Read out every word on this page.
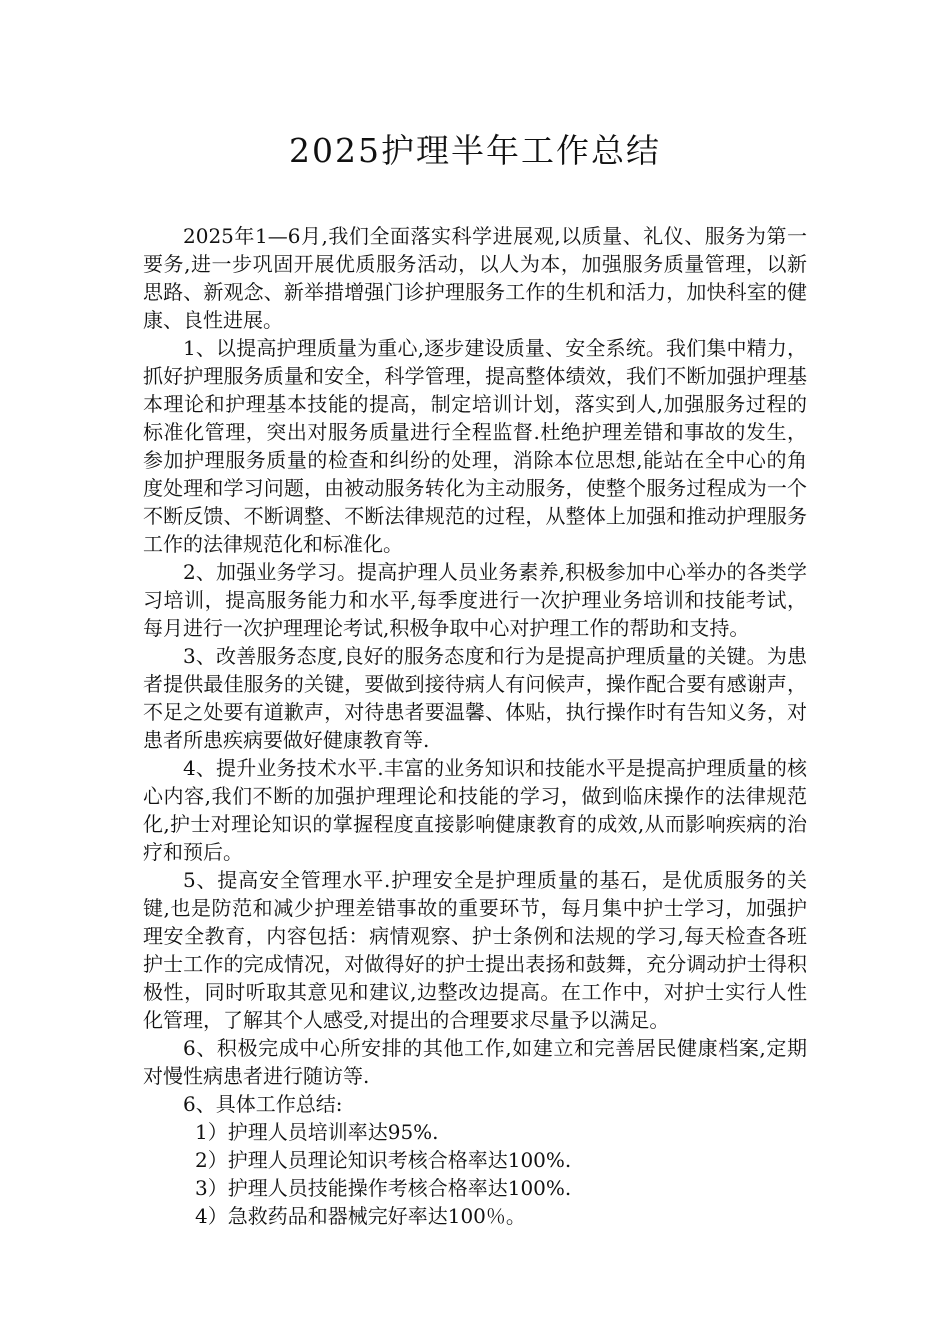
2025护理半年工作总结

2025年1—6月,我们全面落实科学进展观,以质量、礼仪、服务为第一要务,进一步巩固开展优质服务活动，以人为本，加强服务质量管理，以新思路、新观念、新举措增强门诊护理服务工作的生机和活力，加快科室的健康、良性进展。

1、以提高护理质量为重心,逐步建设质量、安全系统。我们集中精力，抓好护理服务质量和安全，科学管理，提高整体绩效，我们不断加强护理基本理论和护理基本技能的提高，制定培训计划，落实到人,加强服务过程的标准化管理，突出对服务质量进行全程监督.杜绝护理差错和事故的发生，参加护理服务质量的检查和纠纷的处理，消除本位思想,能站在全中心的角度处理和学习问题，由被动服务转化为主动服务，使整个服务过程成为一个不断反馈、不断调整、不断法律规范的过程，从整体上加强和推动护理服务工作的法律规范化和标准化。

2、加强业务学习。提高护理人员业务素养,积极参加中心举办的各类学习培训，提高服务能力和水平,每季度进行一次护理业务培训和技能考试，每月进行一次护理理论考试,积极争取中心对护理工作的帮助和支持。

3、改善服务态度,良好的服务态度和行为是提高护理质量的关键。为患者提供最佳服务的关键，要做到接待病人有问候声，操作配合要有感谢声，不足之处要有道歉声，对待患者要温馨、体贴，执行操作时有告知义务，对患者所患疾病要做好健康教育等.

4、提升业务技术水平.丰富的业务知识和技能水平是提高护理质量的核心内容,我们不断的加强护理理论和技能的学习，做到临床操作的法律规范化,护士对理论知识的掌握程度直接影响健康教育的成效,从而影响疾病的治疗和预后。

5、提高安全管理水平.护理安全是护理质量的基石，是优质服务的关键,也是防范和减少护理差错事故的重要环节，每月集中护士学习，加强护理安全教育，内容包括：病情观察、护士条例和法规的学习,每天检查各班护士工作的完成情况，对做得好的护士提出表扬和鼓舞，充分调动护士得积极性，同时听取其意见和建议,边整改边提高。在工作中，对护士实行人性化管理，了解其个人感受,对提出的合理要求尽量予以满足。

6、积极完成中心所安排的其他工作,如建立和完善居民健康档案,定期对慢性病患者进行随访等.

6、具体工作总结:

1）护理人员培训率达95%.

2）护理人员理论知识考核合格率达100%.

3）护理人员技能操作考核合格率达100%.

4）急救药品和器械完好率达100％。
